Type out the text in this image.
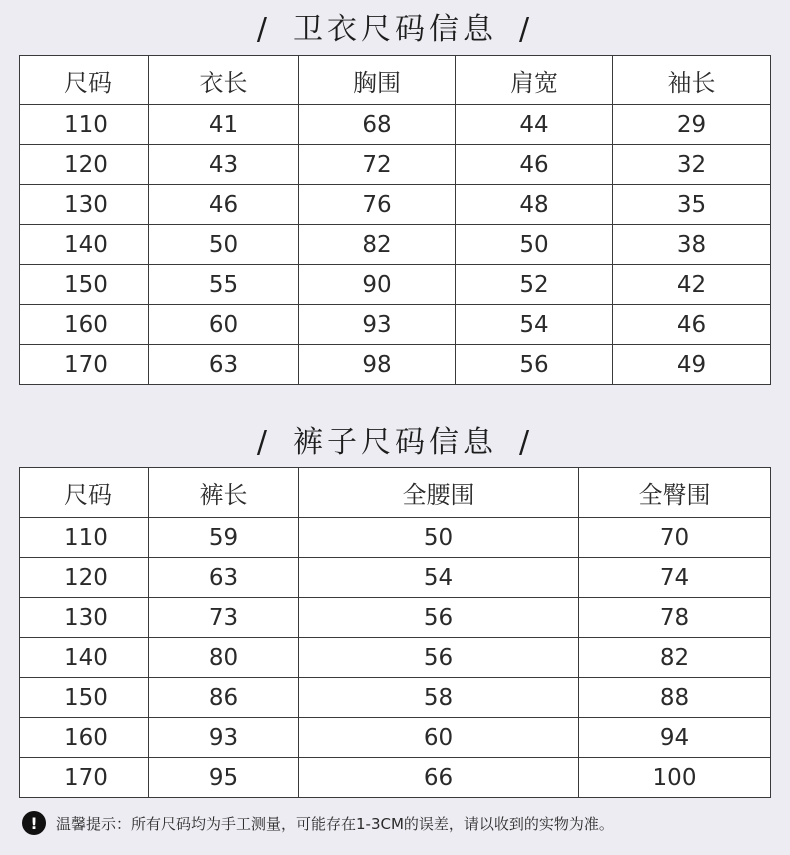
/ 卫衣尺码信息 /
尺码	衣长	胸围	肩宽	袖长
110	41	68	44	29
120	43	72	46	32
130	46	76	48	35
140	50	82	50	38
150	55	90	52	42
160	60	93	54	46
170	63	98	56	49
/ 裤子尺码信息 /
尺码	裤长	全腰围	全臀围
110	59	50	70
120	63	54	74
130	73	56	78
140	80	56	82
150	86	58	88
160	93	60	94
170	95	66	100
!	温馨提示：所有尺码均为手工测量，可能存在1-3CM的误差，请以收到的实物为准。
